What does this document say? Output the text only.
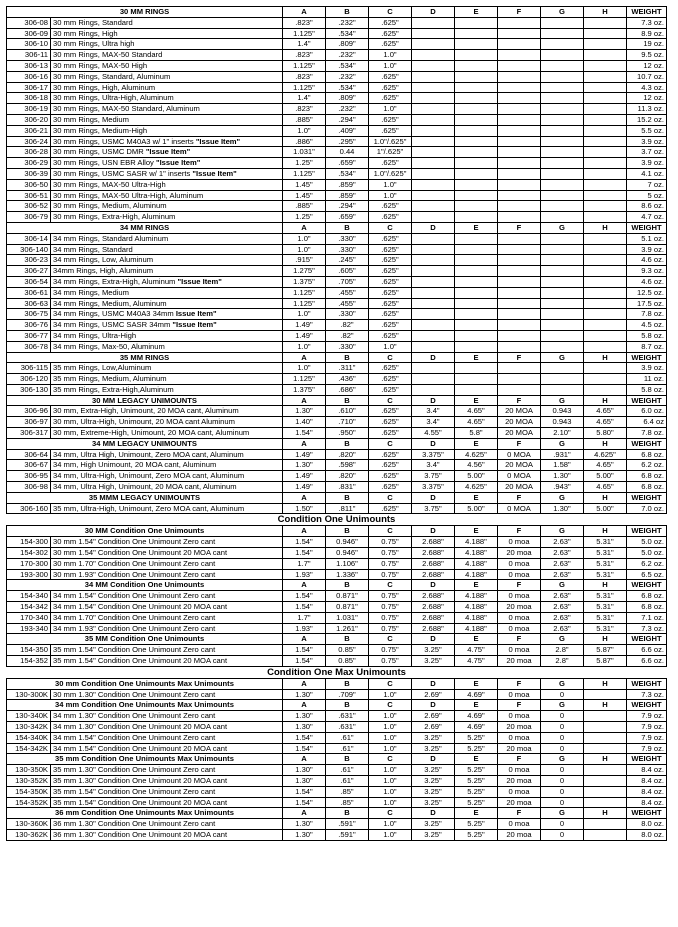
30 MM RINGS		A	B	C	D	E	F	G	H	WEIGHT
306-08	30 mm Rings, Standard	.823"	.232"	.625"						7.3 oz.
306-09	30 mm Rings, High	1.125"	.534"	.625"						8.9 oz.
306-10	30 mm Rings, Ultra high	1.4"	.809"	.625"						19 oz.
306-11	30 mm Rings, MAX-50 Standard	.823"	.232"	1.0"						9.5 oz.
306-13	30 mm Rings, MAX-50 High	1.125"	.534"	1.0"						12 oz.
306-16	30 mm Rings, Standard, Aluminum	.823"	.232"	.625"						10.7 oz.
306-17	30 mm Rings, High, Aluminum	1.125"	.534"	.625"						4.3 oz.
306-18	30 mm Rings, Ultra-High, Aluminum	1.4"	.809"	.625"						12 oz.
306-19	30 mm Rings, MAX-50 Standard, Aluminum	.823"	.232"	1.0"						11.3 oz.
306-20	30 mm Rings, Medium	.885"	.294"	.625"						15.2 oz.
306-21	30 mm Rings, Medium-High	1.0"	.409"	.625"						5.5 oz.
306-24	30 mm Rings, USMC M40A3 w/ 1" inserts "Issue Item"	.886"	.295"	1.0"/.625"						3.9 oz.
306-28	30 mm Rings, USMC DMR "Issue Item"	1.031"	0.44	1"/.625"						3.7 oz.
306-29	30 mm Rings, USN EBR Alloy "Issue Item"	1.25"	.659"	.625"						3.9 oz.
306-39	30 mm Rings, USMC SASR w/ 1" inserts "Issue Item"	1.125"	.534"	1.0"/.625"						4.1 oz.
306-50	30 mm Rings, MAX-50 Ultra-High	1.45"	.859"	1.0"						7 oz.
306-51	30 mm Rings, MAX-50 Ultra-High, Aluminum	1.45"	.859"	1.0"						5 oz.
306-52	30 mm Rings, Medium, Aluminum	.885"	.294"	.625"						8.6 oz.
306-79	30 mm Rings, Extra-High, Aluminum	1.25"	.659"	.625"						4.7 oz.
34 MM RINGS		A	B	C	D	E	F	G	H	WEIGHT
306-14	34 mm Rings, Standard Aluminum	1.0"	.330"	.625"						5.1 oz.
306-140	34 mm Rings, Standard	1.0"	.330"	.625"						3.9 oz.
306-23	34 mm Rings, Low, Aluminum	.915"	.245"	.625"						4.6 oz.
306-27	34mm Rings, High, Aluminum	1.275"	.605"	.625"						9.3 oz.
306-54	34 mm Rings, Extra-High, Aluminum "Issue Item"	1.375"	.705"	.625"						4.6 oz.
306-61	34 mm Rings, Medium	1.125"	.455"	.625"						12.5 oz.
306-63	34 mm Rings, Medium, Aluminum	1.125"	.455"	.625"						17.5 oz.
306-75	34 mm Rings, USMC M40A3 34mm Issue Item"	1.0"	.330"	.625"						7.8 oz.
306-76	34 mm Rings, USMC SASR 34mm "Issue Item"	1.49"	.82"	.625"						4.5 oz.
306-77	34 mm Rings, Ultra-High	1.49"	.82"	.625"						5.8 oz.
306-78	34 mm Rings, Max-50, Aluminum	1.0"	.330"	1.0"						8.7 oz.
35 MM RINGS		A	B	C	D	E	F	G	H	WEIGHT
306-115	35 mm Rings, Low,Aluminum	1.0"	.311"	.625"						3.9 oz.
306-120	35 mm Rings, Medium, Aluminum	1.125"	.436"	.625"						11 oz.
306-130	35 mm Rings, Extra-High,Aluminum	1.375"	.686"	.625"						5.8 oz.
30 MM LEGACY UNIMOUNTS		A	B	C	D	E	F	G	H	WEIGHT
306-96	30 mm, Extra-High, Unimount, 20 MOA cant, Aluminum	1.30"	.610"	.625"	3.4"	4.65"	20 MOA	0.943	4.65"	6.0 oz.
306-97	30 mm, Ultra-High, Unimount, 20 MOA cant Aluminum	1.40"	.710"	.625"	3.4"	4.65"	20 MOA	0.943	4.65"	6.4 oz
306-317	30 mm, Extreme-High, Unimount, 20 MOA cant, Aluminum	1.54"	.950"	.625"	4.55"	5.8"	20 MOA	2.10"	5.80"	7.8 oz.
34 MM LEGACY UNIMOUNTS		A	B	C	D	E	F	G	H	WEIGHT
306-64	34 mm, Ultra High, Unimount, Zero MOA cant, Aluminum	1.49"	.820"	.625"	3.375"	4.625"	0 MOA	.931"	4.625"	6.8 oz.
306-67	34 mm, High Unimount, 20 MOA cant, Aluminum	1.30"	.598"	.625"	3.4"	4.56"	20 MOA	1.58"	4.65"	6.2 oz.
306-95	34 mm, Ultra-High, Unimount, Zero MOA cant, Aluminum	1.49"	.820"	.625"	3.75"	5.00"	0 MOA	1.30"	5.00"	6.8 oz.
306-98	34 mm, Ultra High, Unimount, 20 MOA cant, Aluminum	1.49"	.831"	.625"	3.375"	4.625"	20 MOA	.943"	4.65"	6.8 oz.
35 MMM LEGACY UNIMOUNTS		A	B	C	D	E	F	G	H	WEIGHT
306-160	35 mm, Ultra-High, Unimount, Zero MOA cant, Aluminum	1.50"	.811"	.625"	3.75"	5.00"	0 MOA	1.30"	5.00"	7.0 oz.
Condition One Unimounts										
30 MM Condition One Unimounts		A	B	C	D	E	F	G	H	WEIGHT
154-300	30 mm 1.54" Condition One Unimount Zero cant	1.54"	0.946"	0.75"	2.688"	4.188"	0 moa	2.63"	5.31"	5.0 oz.
154-302	30 mm 1.54" Condition One Unimount 20 MOA cant	1.54"	0.946"	0.75"	2.688"	4.188"	20 moa	2.63"	5.31"	5.0 oz.
170-300	30 mm 1.70" Condition One Unimount Zero cant	1.7"	1.106"	0.75"	2.688"	4.188"	0 moa	2.63"	5.31"	6.2 oz.
193-300	30 mm 1.93" Condition One Unimount Zero cant	1.93"	1.336"	0.75"	2.688"	4.188"	0 moa	2.63"	5.31"	6.5 oz.
34 MM Condition One Unimounts		A	B	C	D	E	F	G	H	WEIGHT
154-340	34 mm 1.54" Condition One Unimount Zero cant	1.54"	0.871"	0.75"	2.688"	4.188"	0 moa	2.63"	5.31"	6.8 oz.
154-342	34 mm 1.54" Condition One Unimount 20 MOA cant	1.54"	0.871"	0.75"	2.688"	4.188"	20 moa	2.63"	5.31"	6.8 oz.
170-340	34 mm 1.70" Condition One Unimount Zero cant	1.7"	1.031"	0.75"	2.688"	4.188"	0 moa	2.63"	5.31"	7.1 oz.
193-340	34 mm 1.93" Condition One Unimount Zero cant	1.93"	1.261"	0.75"	2.688"	4.188"	0 moa	2.63"	5.31"	7.3 oz.
35 MM Condition One Unimounts		A	B	C	D	E	F	G	H	WEIGHT
154-350	35 mm 1.54" Condition One Unimount Zero cant	1.54"	0.85"	0.75"	3.25"	4.75"	0 moa	2.8"	5.87"	6.6 oz.
154-352	35 mm 1.54" Condition One Unimount 20 MOA cant	1.54"	0.85"	0.75"	3.25"	4.75"	20 moa	2.8"	5.87"	6.6 oz.
Condition One Max Unimounts										
30 mm Condition One Unimounts Max Unimounts		A	B	C	D	E	F	G	H	WEIGHT
130-300K	30 mm 1.30" Condition One Unimount Zero cant	1.30"	.709"	1.0"	2.69"	4.69"	0 moa	0		7.3 oz.
34 mm Condition One Unimounts Max Unimounts		A	B	C	D	E	F	G	H	WEIGHT
130-340K	34 mm 1.30" Condition One Unimount Zero cant	1.30"	.631"	1.0"	2.69"	4.69"	0 moa	0		7.9 oz.
130-342K	34 mm 1.30" Condition One Unimount 20 MOA cant	1.30"	.631"	1.0"	2.69"	4.69"	20 moa	0		7.9 oz.
154-340K	34 mm 1.54" Condition One Unimount Zero cant	1.54"	.61"	1.0"	3.25"	5.25"	0 moa	0		7.9 oz.
154-342K	34 mm 1.54" Condition One Unimount 20 MOA cant	1.54"	.61"	1.0"	3.25"	5.25"	20 moa	0		7.9 oz.
35 mm Condition One Unimounts Max Unimounts		A	B	C	D	E	F	G	H	WEIGHT
130-350K	35 mm 1.30" Condition One Unimount Zero cant	1.30"	.61"	1.0"	3.25"	5.25"	0 moa	0		8.4 oz.
130-352K	35 mm 1.30" Condition One Unimount 20 MOA cant	1.30"	.61"	1.0"	3.25"	5.25"	20 moa	0		8.4 oz.
154-350K	35 mm 1.54" Condition One Unimount Zero cant	1.54"	.85"	1.0"	3.25"	5.25"	0 moa	0		8.4 oz.
154-352K	35 mm 1.54" Condition One Unimount 20 MOA cant	1.54"	.85"	1.0"	3.25"	5.25"	20 moa	0		8.4 oz.
36 mm Condition One Unimounts Max Unimounts		A	B	C	D	E	F	G	H	WEIGHT
130-360K	36 mm 1.30" Condition One Unimount Zero cant	1.30"	.591"	1.0"	3.25"	5.25"	0 moa	0		8.0 oz.
130-362K	36 mm 1.30" Condition One Unimount 20 MOA cant	1.30"	.591"	1.0"	3.25"	5.25"	20 moa	0		8.0 oz.
